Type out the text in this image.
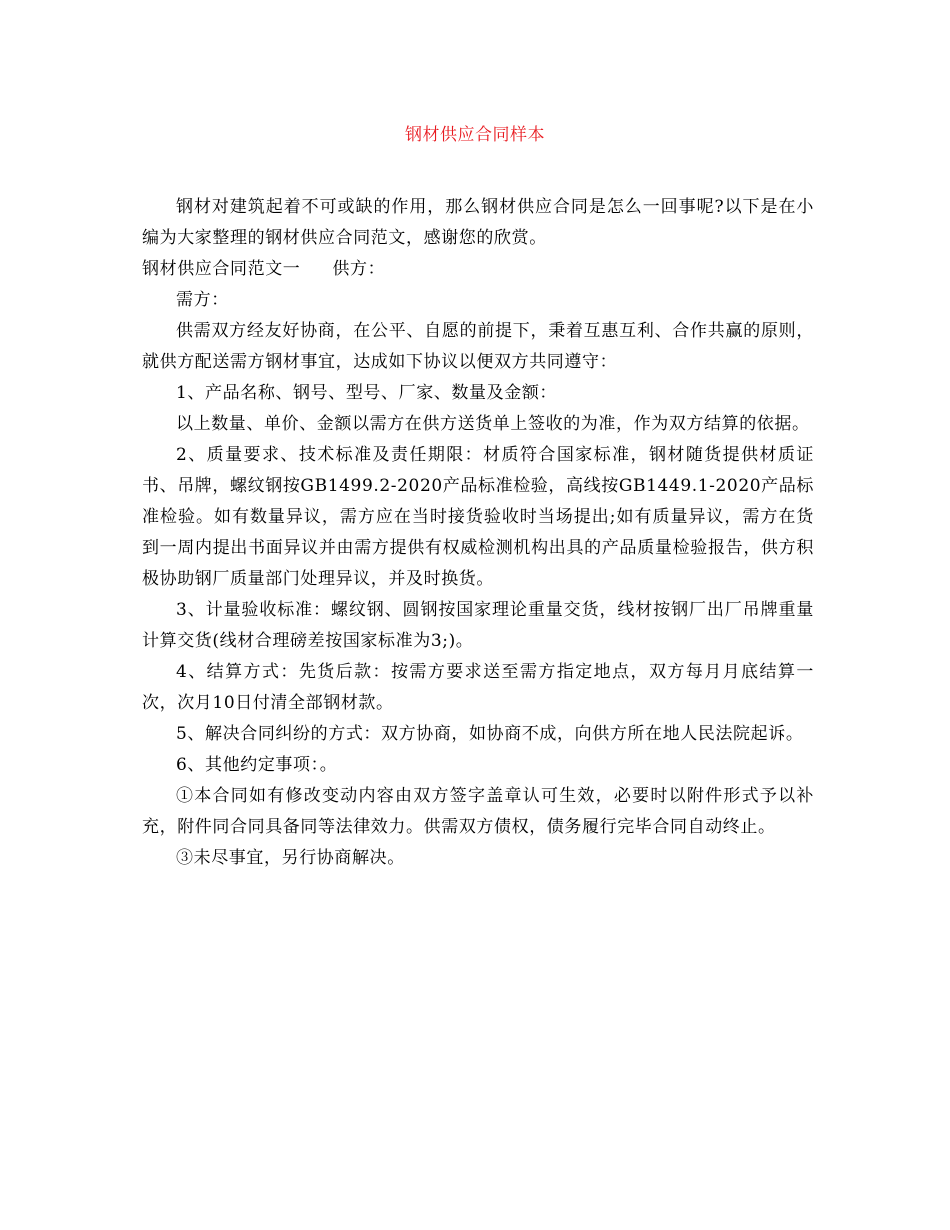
钢材供应合同样本

钢材对建筑起着不可或缺的作用，那么钢材供应合同是怎么一回事呢?以下是在小编为大家整理的钢材供应合同范文，感谢您的欣赏。

钢材供应合同范文一 供方：

需方：

供需双方经友好协商，在公平、自愿的前提下，秉着互惠互利、合作共赢的原则，就供方配送需方钢材事宜，达成如下协议以便双方共同遵守：

1、产品名称、钢号、型号、厂家、数量及金额：

以上数量、单价、金额以需方在供方送货单上签收的为准，作为双方结算的依据。

2、质量要求、技术标准及责任期限：材质符合国家标准，钢材随货提供材质证书、吊牌，螺纹钢按GB1499.2-2020产品标准检验，高线按GB1449.1-2020产品标准检验。如有数量异议，需方应在当时接货验收时当场提出;如有质量异议，需方在货到一周内提出书面异议并由需方提供有权威检测机构出具的产品质量检验报告，供方积极协助钢厂质量部门处理异议，并及时换货。

3、计量验收标准：螺纹钢、圆钢按国家理论重量交货，线材按钢厂出厂吊牌重量计算交货(线材合理磅差按国家标准为3;)。

4、结算方式：先货后款：按需方要求送至需方指定地点，双方每月月底结算一次，次月10日付清全部钢材款。

5、解决合同纠纷的方式：双方协商，如协商不成，向供方所在地人民法院起诉。

6、其他约定事项：。

①本合同如有修改变动内容由双方签字盖章认可生效，必要时以附件形式予以补充，附件同合同具备同等法律效力。供需双方债权，债务履行完毕合同自动终止。

③未尽事宜，另行协商解决。
